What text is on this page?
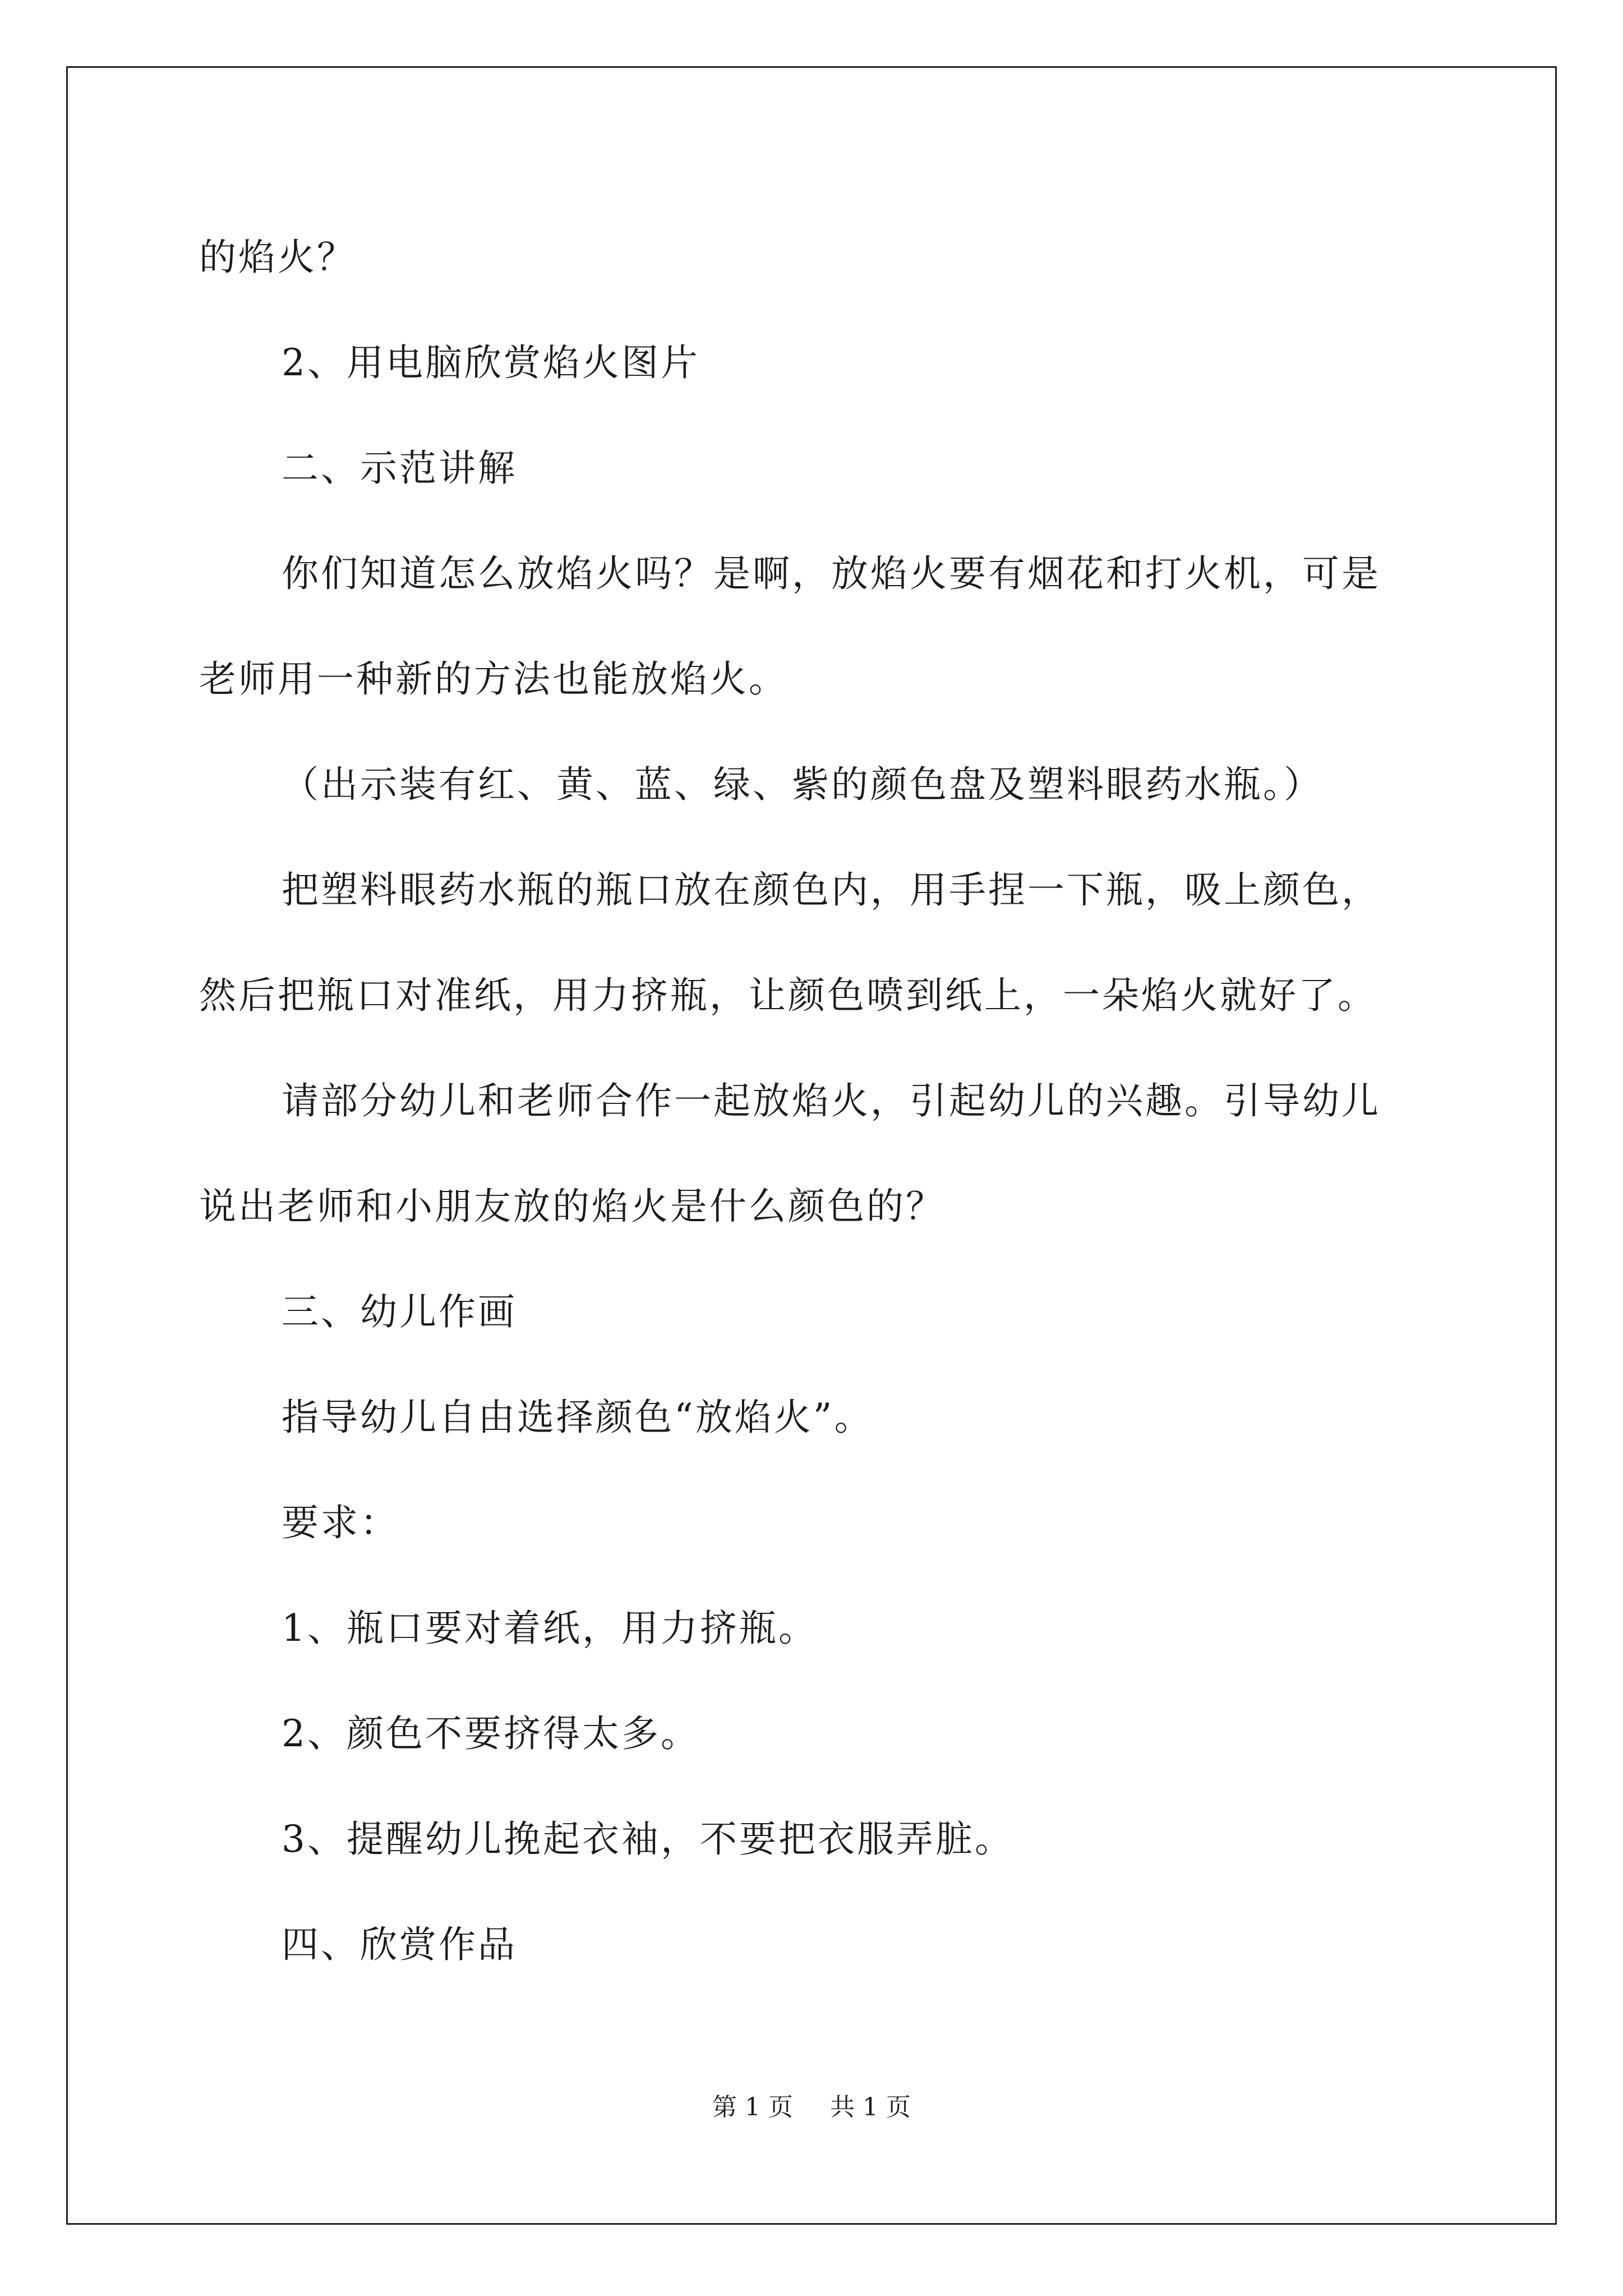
的焰火？

2、用电脑欣赏焰火图片

二、示范讲解

你们知道怎么放焰火吗？是啊，放焰火要有烟花和打火机，可是

老师用一种新的方法也能放焰火。

（出示装有红、黄、蓝、绿、紫的颜色盘及塑料眼药水瓶。）

把塑料眼药水瓶的瓶口放在颜色内，用手捏一下瓶，吸上颜色，

然后把瓶口对准纸，用力挤瓶，让颜色喷到纸上，一朵焰火就好了。

请部分幼儿和老师合作一起放焰火，引起幼儿的兴趣。引导幼儿

说出老师和小朋友放的焰火是什么颜色的？

三、幼儿作画

指导幼儿自由选择颜色“放焰火”。

要求：

1、瓶口要对着纸，用力挤瓶。

2、颜色不要挤得太多。

3、提醒幼儿挽起衣袖，不要把衣服弄脏。

四、欣赏作品

第 1 页 共 1 页
